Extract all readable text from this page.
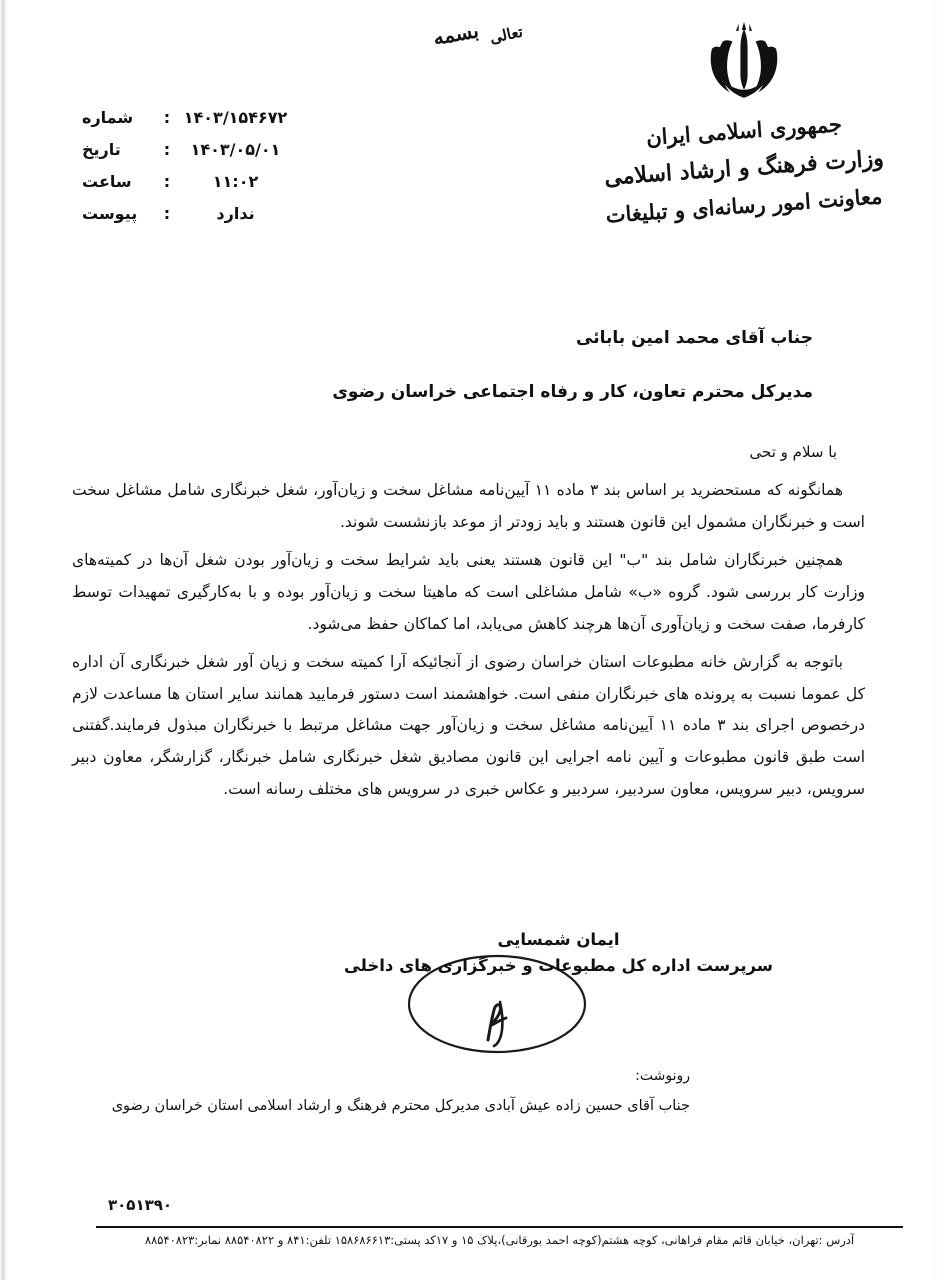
تعالی بسمه
جمهوری اسلامی ایران
وزارت فرهنگ و ارشاد اسلامی
معاونت امور رسانه‌ای و تبلیغات
۱۴۰۳/۱۵۴۶۷۲
:
شماره
۱۴۰۳/۰۵/۰۱
:
تاریخ
۱۱:۰۲
:
ساعت
ندارد
:
پیوست
جناب آقای محمد امین بابائی
مدیرکل محترم تعاون، کار و رفاه اجتماعی خراسان رضوی
با سلام و تحی

همانگونه که مستحضرید بر اساس بند ۳ ماده ۱۱ آیین‌نامه مشاغل سخت و زیان‌آور، شغل خبرنگاری شامل مشاغل سخت است و خبرنگاران مشمول این قانون هستند و باید زودتر از موعد بازنشست شوند.

همچنین خبرنگاران شامل بند "ب" این قانون هستند یعنی باید شرایط سخت و زیان‌آور بودن شغل آن‌ها در کمیته‌های وزارت کار بررسی شود. گروه «ب» شامل مشاغلی است که ماهیتا سخت و زیان‌آور بوده و با به‌کارگیری تمهیدات توسط کارفرما، صفت سخت و زیان‌آوری آن‌ها هرچند کاهش می‌یابد، اما کماکان حفظ می‌شود.

باتوجه به گزارش خانه مطبوعات استان خراسان رضوی از آنجائیکه آرا کمیته سخت و زیان آور شغل خبرنگاری آن اداره کل عموما نسبت به پرونده های خبرنگاران منفی است. خواهشمند است دستور فرمایید همانند سایر استان ها مساعدت لازم درخصوص اجرای بند ۳ ماده ۱۱ آیین‌نامه مشاغل سخت و زیان‌آور جهت مشاغل مرتبط با خبرنگاران مبذول فرمایند.گفتنی است طبق قانون مطبوعات و آیین نامه اجرایی این قانون مصادیق شغل خبرنگاری شامل خبرنگار، گزارشگر، معاون دبیر سرویس، دبیر سرویس، معاون سردبیر، سردبیر و عکاس خبری در سرویس های مختلف رسانه است.

ایمان شمسایی
سرپرست اداره کل مطبوعات و خبرگزاری های داخلی
رونوشت:
جناب آقای حسین زاده عیش آبادی مدیرکل محترم فرهنگ و ارشاد اسلامی استان خراسان رضوی
۳۰۵۱۳۹۰
آدرس :تهران، خیابان قائم مقام فراهانی، کوچه هشتم(کوچه احمد بورقانی)،پلاک ۱۵ و ۱۷کد پستی:۱۵۸۶۸۶۶۱۳ تلفن:۸۴۱ و ۸۸۵۴۰۸۲۲ نمابر:۸۸۵۴۰۸۲۳
